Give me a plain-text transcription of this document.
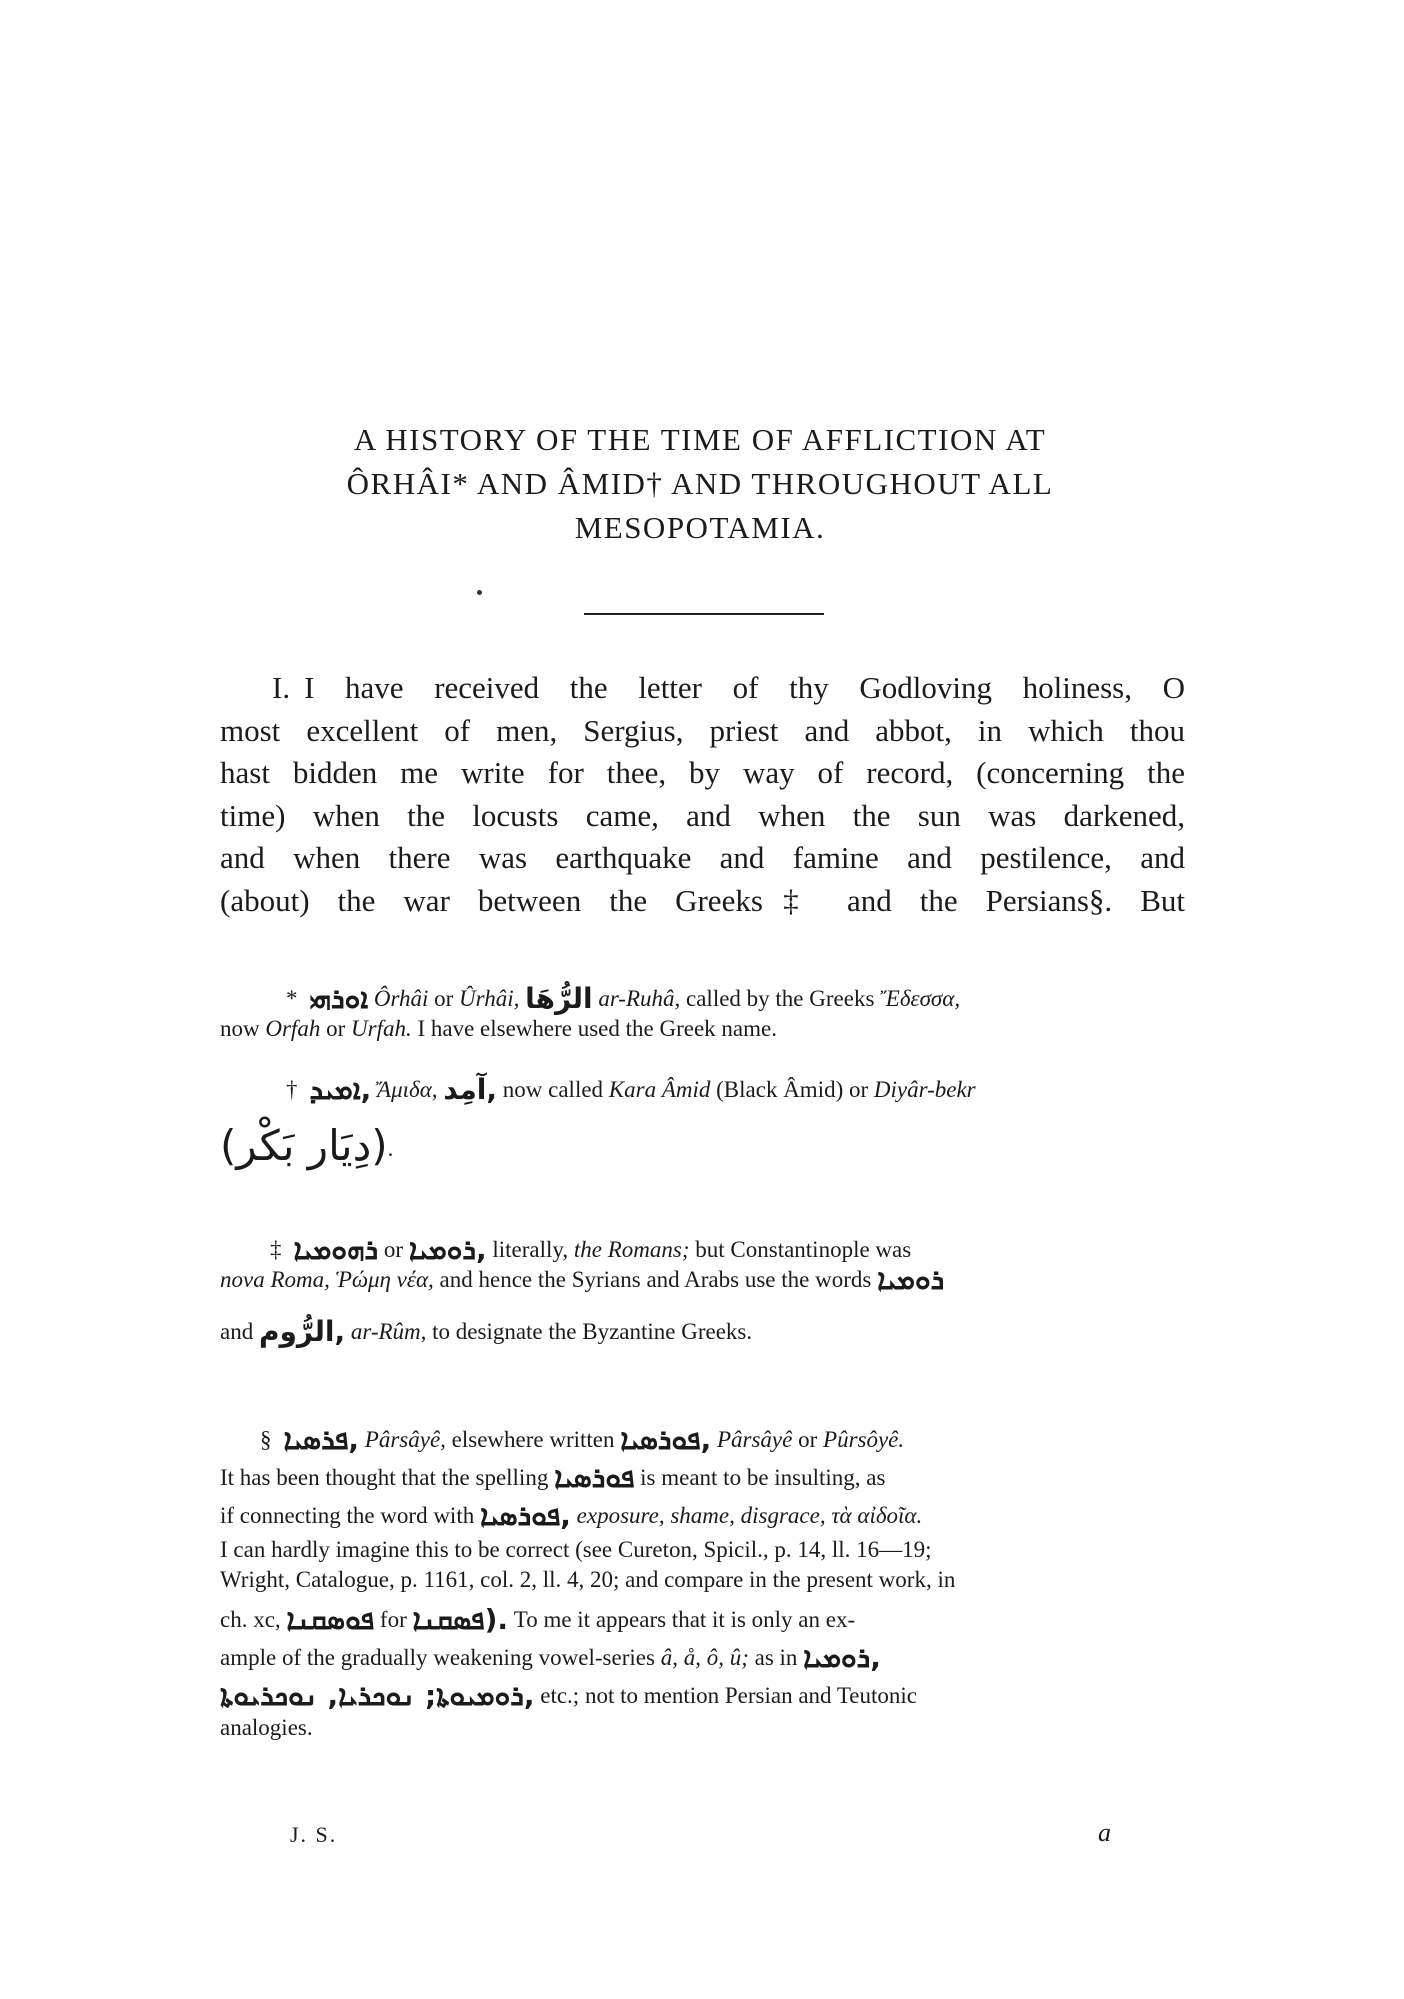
A HISTORY OF THE TIME OF AFFLICTION AT
ÔRHÂI* AND ÂMID† AND THROUGHOUT ALL
MESOPOTAMIA.
I. I have received the letter of thy Godloving holiness, O
most excellent of men, Sergius, priest and abbot, in which thou
hast bidden me write for thee, by way of record, (concerning the
time) when the locusts came, and when the sun was darkened,
and when there was earthquake and famine and pestilence, and
(about) the war between the Greeks‡ and the Persians§. But
* ܐܘܪܗܝ Ôrhâi or Ûrhâi, الرُّهَا ar-Ruhâ, called by the Greeks Ἔδεσσα,
now Orfah or Urfah. I have elsewhere used the Greek name.
† ܐܡܝܕ, Ἄμιδα, آمِد, now called Kara Âmid (Black Âmid) or Diyâr-bekr
(دِيَار بَكْر).
‡ ܪܗܘܡܝܐ or ܪܘܡܝܐ, literally, the Romans; but Constantinople was
nova Roma, Ῥώμη νέα, and hence the Syrians and Arabs use the words ܪܘܡܝܐ
and الرُّوم, ar-Rûm, to designate the Byzantine Greeks.
§ ܦܪܣܝܐ, Pârsâyê, elsewhere written ܦܘܪܣܝܐ, Pârsâyê or Pûrsôyê.
It has been thought that the spelling ܦܘܪܣܝܐ is meant to be insulting, as
if connecting the word with ܦܘܪܣܝܐ, exposure, shame, disgrace, τὰ αἰδοῖα.
I can hardly imagine this to be correct (see Cureton, Spicil., p. 14, ll. 16—19;
Wright, Catalogue, p. 1161, col. 2, ll. 4, 20; and compare in the present work, in
ch. xc, ܦܘܣܩܢܐ for ܦܣܩܢܐ). To me it appears that it is only an ex-
ample of the gradually weakening vowel-series â, å, ô, û; as in ܪܘܡܝܐ,
ܪܘܡܝܘܬܐ; ܢܘܟܪܝܐ, ܢܘܟܪܝܘܬܐ, etc.; not to mention Persian and Teutonic
analogies.
J. S.	a
